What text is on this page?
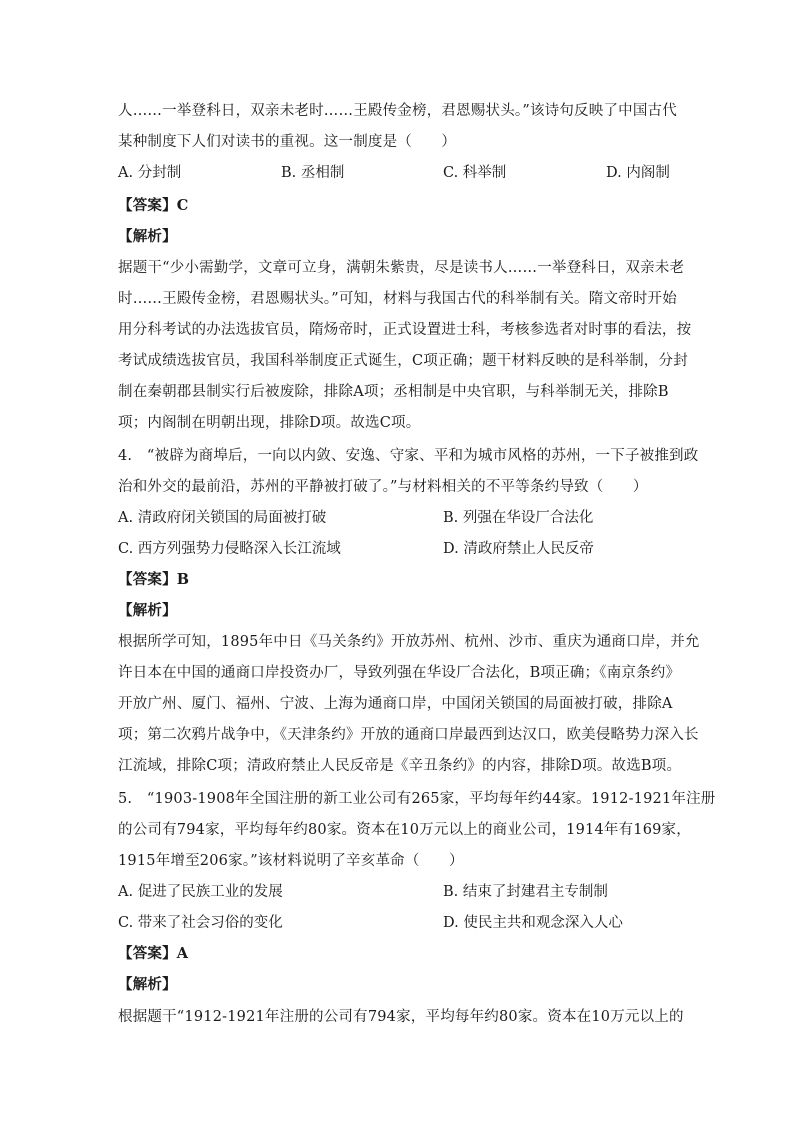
人……一举登科日，双亲未老时……王殿传金榜，君恩赐状头。”该诗句反映了中国古代
某种制度下人们对读书的重视。这一制度是（　　）
A. 分封制	B. 丞相制	C. 科举制	D. 内阁制
【答案】C
【解析】
据题干“少小需勤学，文章可立身，满朝朱紫贵，尽是读书人……一举登科日，双亲未老
时……王殿传金榜，君恩赐状头。”可知，材料与我国古代的科举制有关。隋文帝时开始
用分科考试的办法选拔官员，隋炀帝时，正式设置进士科，考核参选者对时事的看法，按
考试成绩选拔官员，我国科举制度正式诞生，C项正确；题干材料反映的是科举制，分封
制在秦朝郡县制实行后被废除，排除A项；丞相制是中央官职，与科举制无关，排除B
项；内阁制在明朝出现，排除D项。故选C项。
4.　“被辟为商埠后，一向以内敛、安逸、守家、平和为城市风格的苏州，一下子被推到政
治和外交的最前沿，苏州的平静被打破了。”与材料相关的不平等条约导致（　　）
A. 清政府闭关锁国的局面被打破	B. 列强在华设厂合法化
C. 西方列强势力侵略深入长江流域	D. 清政府禁止人民反帝
【答案】B
【解析】
根据所学可知，1895年中日《马关条约》开放苏州、杭州、沙市、重庆为通商口岸，并允
许日本在中国的通商口岸投资办厂，导致列强在华设厂合法化，B项正确；《南京条约》
开放广州、厦门、福州、宁波、上海为通商口岸，中国闭关锁国的局面被打破，排除A
项；第二次鸦片战争中，《天津条约》开放的通商口岸最西到达汉口，欧美侵略势力深入长
江流域，排除C项；清政府禁止人民反帝是《辛丑条约》的内容，排除D项。故选B项。
5.　“1903-1908年全国注册的新工业公司有265家，平均每年约44家。1912-1921年注册
的公司有794家，平均每年约80家。资本在10万元以上的商业公司，1914年有169家，
1915年增至206家。”该材料说明了辛亥革命（　　）
A. 促进了民族工业的发展	B. 结束了封建君主专制制
C. 带来了社会习俗的变化	D. 使民主共和观念深入人心
【答案】A
【解析】
根据题干“1912-1921年注册的公司有794家，平均每年约80家。资本在10万元以上的
